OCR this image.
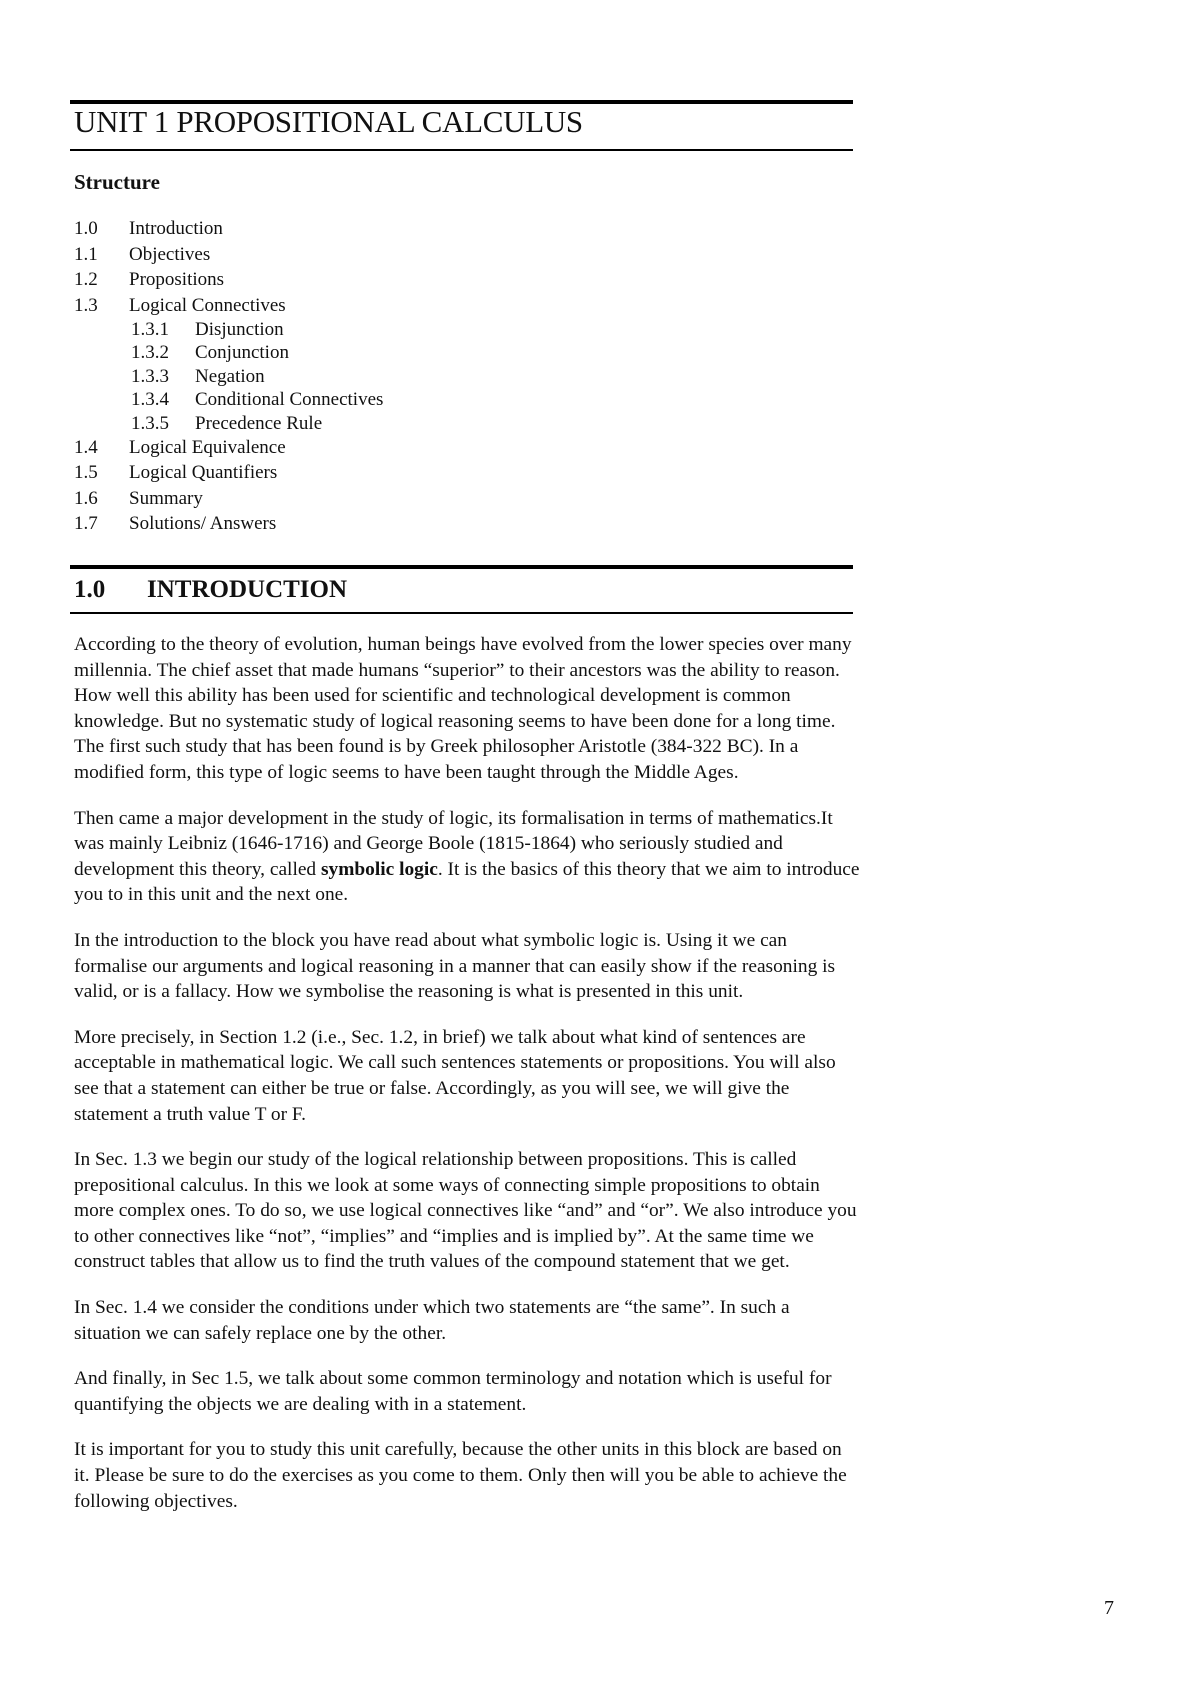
UNIT 1 PROPOSITIONAL CALCULUS
Structure
1.0 Introduction
1.1 Objectives
1.2 Propositions
1.3 Logical Connectives
1.3.1 Disjunction
1.3.2 Conjunction
1.3.3 Negation
1.3.4 Conditional Connectives
1.3.5 Precedence Rule
1.4 Logical Equivalence
1.5 Logical Quantifiers
1.6 Summary
1.7 Solutions/ Answers
1.0 INTRODUCTION

According to the theory of evolution, human beings have evolved from the lower species over many millennia. The chief asset that made humans “superior” to their ancestors was the ability to reason. How well this ability has been used for scientific and technological development is common knowledge. But no systematic study of logical reasoning seems to have been done for a long time. The first such study that has been found is by Greek philosopher Aristotle (384-322 BC). In a modified form, this type of logic seems to have been taught through the Middle Ages.

Then came a major development in the study of logic, its formalisation in terms of mathematics.It was mainly Leibniz (1646-1716) and George Boole (1815-1864) who seriously studied and development this theory, called symbolic logic. It is the basics of this theory that we aim to introduce you to in this unit and the next one.

In the introduction to the block you have read about what symbolic logic is. Using it we can formalise our arguments and logical reasoning in a manner that can easily show if the reasoning is valid, or is a fallacy. How we symbolise the reasoning is what is presented in this unit.

More precisely, in Section 1.2 (i.e., Sec. 1.2, in brief) we talk about what kind of sentences are acceptable in mathematical logic. We call such sentences statements or propositions. You will also see that a statement can either be true or false. Accordingly, as you will see, we will give the statement a truth value T or F.

In Sec. 1.3 we begin our study of the logical relationship between propositions. This is called prepositional calculus. In this we look at some ways of connecting simple propositions to obtain more complex ones. To do so, we use logical connectives like “and” and “or”. We also introduce you to other connectives like “not”, “implies” and “implies and is implied by”. At the same time we construct tables that allow us to find the truth values of the compound statement that we get.

In Sec. 1.4 we consider the conditions under which two statements are “the same”. In such a situation we can safely replace one by the other.

And finally, in Sec 1.5, we talk about some common terminology and notation which is useful for quantifying the objects we are dealing with in a statement.

It is important for you to study this unit carefully, because the other units in this block are based on it. Please be sure to do the exercises as you come to them. Only then will you be able to achieve the following objectives.

7
